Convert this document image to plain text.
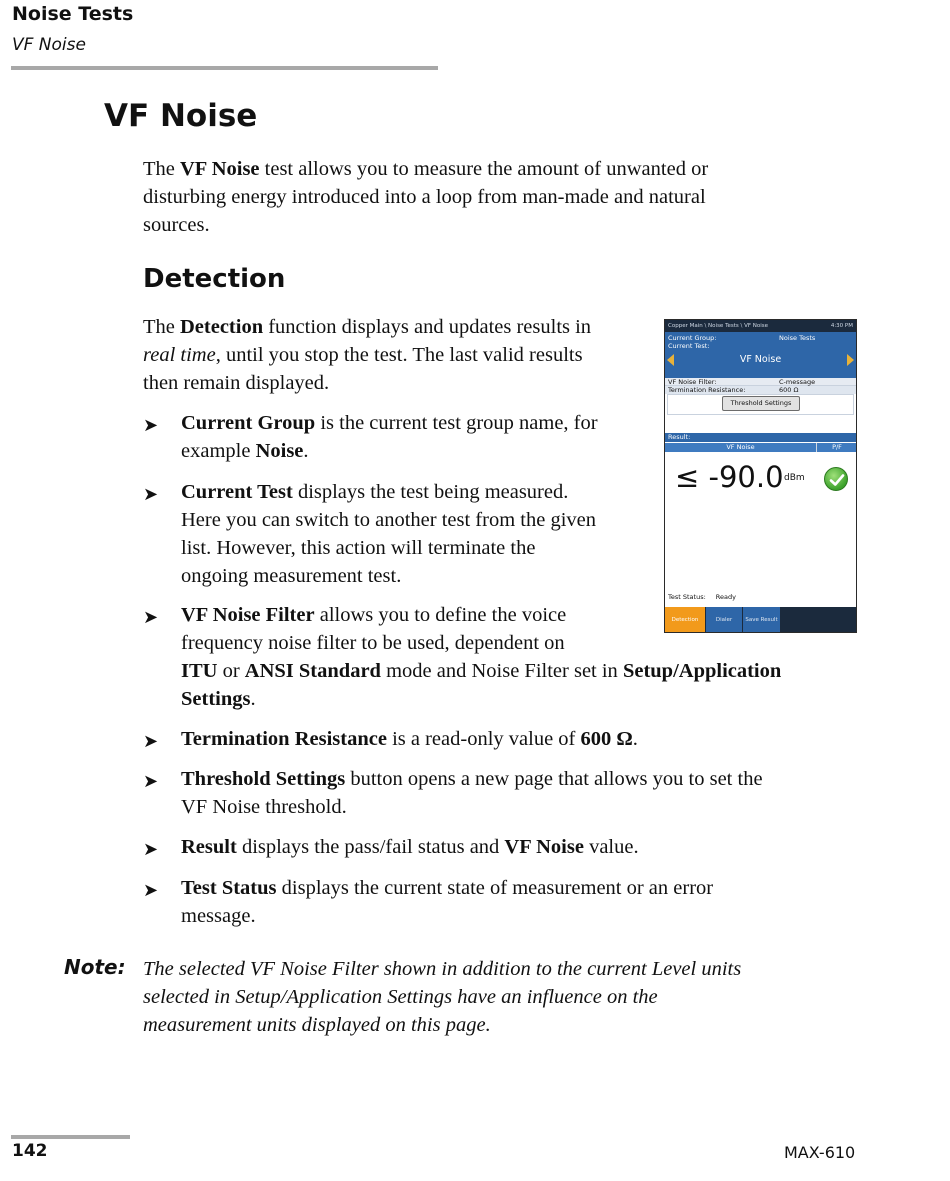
Noise Tests
VF Noise
VF Noise
The VF Noise test allows you to measure the amount of unwanted or
disturbing energy introduced into a loop from man-made and natural
sources.
Detection
The Detection function displays and updates results in
real time, until you stop the test. The last valid results
then remain displayed.
➤ Current Group is the current test group name, for
example Noise.
➤ Current Test displays the test being measured.
Here you can switch to another test from the given
list. However, this action will terminate the
ongoing measurement test.
➤ VF Noise Filter allows you to define the voice
frequency noise filter to be used, dependent on
ITU or ANSI Standard mode and Noise Filter set in Setup/Application
Settings.
➤ Termination Resistance is a read-only value of 600 Ω.
➤ Threshold Settings button opens a new page that allows you to set the
VF Noise threshold.
➤ Result displays the pass/fail status and VF Noise value.
➤ Test Status displays the current state of measurement or an error
message.
Note: The selected VF Noise Filter shown in addition to the current Level units
selected in Setup/Application Settings have an influence on the
measurement units displayed on this page.
142	MAX-610
Copper Main \ Noise Tests \ VF Noise	4:30 PM
Current Group:	Noise Tests
Current Test:
VF Noise
VF Noise Filter:	C-message
Termination Resistance:	600 Ω
Threshold Settings
Result:
VF Noise	P/F
≤ -90.0 dBm
Test Status: Ready
Detection	Dialer	Save Result
